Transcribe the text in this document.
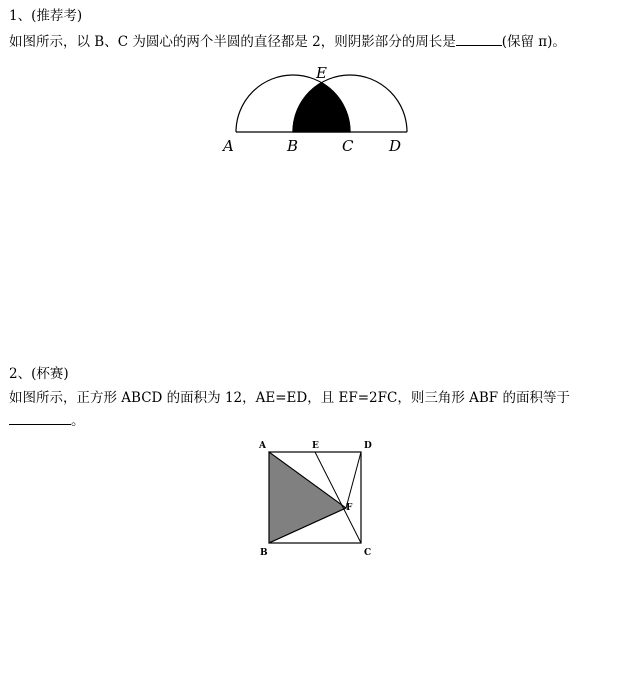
1、(推荐考)
如图所示，以 B、C 为圆心的两个半圆的直径都是 2，则阴影部分的周长是	(保留 π)。
A	B	C D
E
2、(杯赛)
如图所示，正方形 ABCD 的面积为 12，AE=ED，且 EF=2FC，则三角形 ABF 的面积等于
。
A	E	D
F
B	C
